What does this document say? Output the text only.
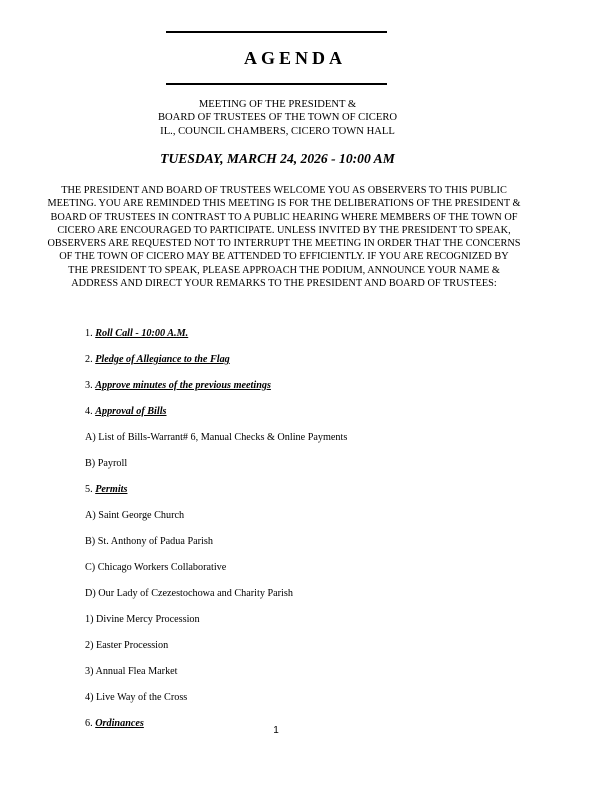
AGENDA
MEETING OF THE PRESIDENT &
BOARD OF TRUSTEES OF THE TOWN OF CICERO
IL., COUNCIL CHAMBERS, CICERO TOWN HALL
TUESDAY, MARCH 24, 2026 - 10:00 AM
THE PRESIDENT AND BOARD OF TRUSTEES WELCOME YOU AS OBSERVERS TO THIS PUBLIC
MEETING. YOU ARE REMINDED THIS MEETING IS FOR THE DELIBERATIONS OF THE PRESIDENT &
BOARD OF TRUSTEES IN CONTRAST TO A PUBLIC HEARING WHERE MEMBERS OF THE TOWN OF
CICERO ARE ENCOURAGED TO PARTICIPATE. UNLESS INVITED BY THE PRESIDENT TO SPEAK,
OBSERVERS ARE REQUESTED NOT TO INTERRUPT THE MEETING IN ORDER THAT THE CONCERNS
OF THE TOWN OF CICERO MAY BE ATTENDED TO EFFICIENTLY. IF YOU ARE RECOGNIZED BY
THE PRESIDENT TO SPEAK, PLEASE APPROACH THE PODIUM, ANNOUNCE YOUR NAME &
ADDRESS AND DIRECT YOUR REMARKS TO THE PRESIDENT AND BOARD OF TRUSTEES:
1. Roll Call - 10:00 A.M.
2. Pledge of Allegiance to the Flag
3. Approve minutes of the previous meetings
4. Approval of Bills
A) List of Bills-Warrant# 6, Manual Checks & Online Payments
B) Payroll
5. Permits
A) Saint George Church
B) St. Anthony of Padua Parish
C) Chicago Workers Collaborative
D) Our Lady of Czezestochowa and Charity Parish
1) Divine Mercy Procession
2) Easter Procession
3) Annual Flea Market
4) Live Way of the Cross
6. Ordinances
1
